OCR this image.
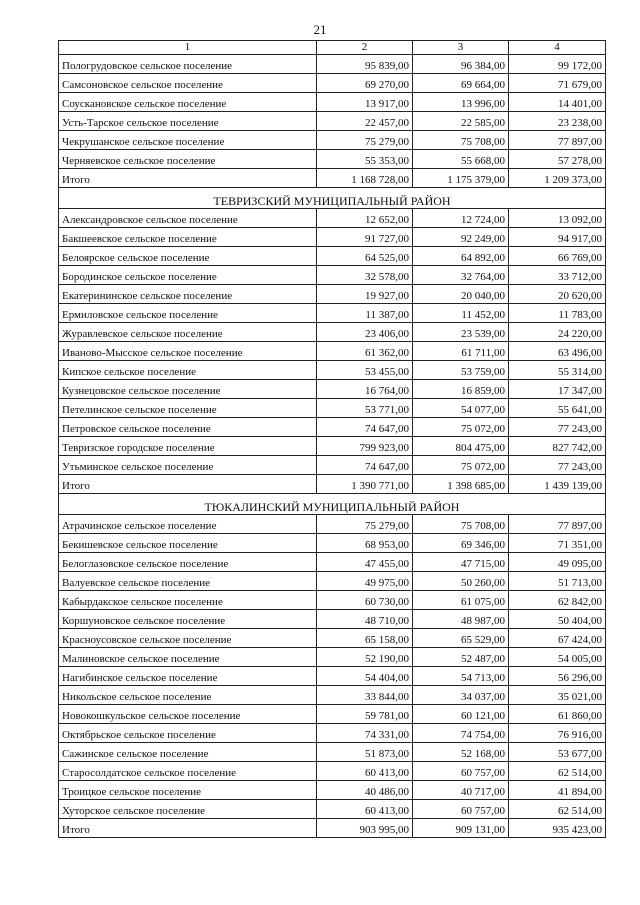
21
1	2	3	4
Пологрудовское сельское поселение	95 839,00	96 384,00	99 172,00
Самсоновское сельское поселение	69 270,00	69 664,00	71 679,00
Соускановское сельское поселение	13 917,00	13 996,00	14 401,00
Усть-Тарское сельское поселение	22 457,00	22 585,00	23 238,00
Чекрушанское сельское поселение	75 279,00	75 708,00	77 897,00
Черняевское сельское поселение	55 353,00	55 668,00	57 278,00
Итого	1 168 728,00	1 175 379,00	1 209 373,00
ТЕВРИЗСКИЙ МУНИЦИПАЛЬНЫЙ РАЙОН			
Александровское сельское поселение	12 652,00	12 724,00	13 092,00
Бакшеевское сельское поселение	91 727,00	92 249,00	94 917,00
Белоярское сельское поселение	64 525,00	64 892,00	66 769,00
Бородинское сельское поселение	32 578,00	32 764,00	33 712,00
Екатерининское сельское поселение	19 927,00	20 040,00	20 620,00
Ермиловское сельское поселение	11 387,00	11 452,00	11 783,00
Журавлевское сельское поселение	23 406,00	23 539,00	24 220,00
Иваново-Мысское сельское поселение	61 362,00	61 711,00	63 496,00
Кипское сельское поселение	53 455,00	53 759,00	55 314,00
Кузнецовское сельское поселение	16 764,00	16 859,00	17 347,00
Петелинское сельское поселение	53 771,00	54 077,00	55 641,00
Петровское сельское поселение	74 647,00	75 072,00	77 243,00
Тевризское городское поселение	799 923,00	804 475,00	827 742,00
Утьминское сельское поселение	74 647,00	75 072,00	77 243,00
Итого	1 390 771,00	1 398 685,00	1 439 139,00
ТЮКАЛИНСКИЙ МУНИЦИПАЛЬНЫЙ РАЙОН			
Атрачинское сельское поселение	75 279,00	75 708,00	77 897,00
Бекишевское сельское поселение	68 953,00	69 346,00	71 351,00
Белоглазовское сельское поселение	47 455,00	47 715,00	49 095,00
Валуевское сельское поселение	49 975,00	50 260,00	51 713,00
Кабырдакское сельское поселение	60 730,00	61 075,00	62 842,00
Коршуновское сельское поселение	48 710,00	48 987,00	50 404,00
Красноусовское сельское поселение	65 158,00	65 529,00	67 424,00
Малиновское сельское поселение	52 190,00	52 487,00	54 005,00
Нагибинское сельское поселение	54 404,00	54 713,00	56 296,00
Никольское сельское поселение	33 844,00	34 037,00	35 021,00
Новокошкульское сельское поселение	59 781,00	60 121,00	61 860,00
Октябрьское сельское поселение	74 331,00	74 754,00	76 916,00
Сажинское сельское поселение	51 873,00	52 168,00	53 677,00
Старосолдатское сельское поселение	60 413,00	60 757,00	62 514,00
Троицкое сельское поселение	40 486,00	40 717,00	41 894,00
Хуторское сельское поселение	60 413,00	60 757,00	62 514,00
Итого	903 995,00	909 131,00	935 423,00
